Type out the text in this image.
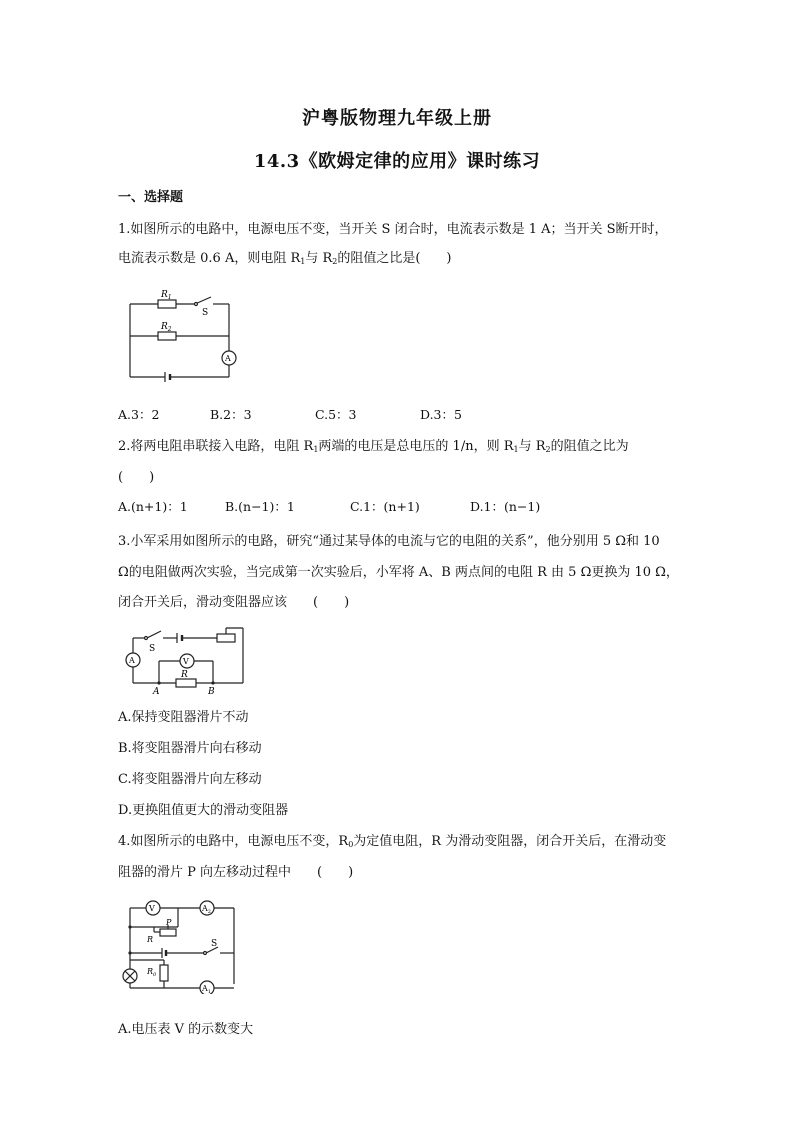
沪粤版物理九年级上册
14.3《欧姆定律的应用》课时练习
一、选择题
1.如图所示的电路中，电源电压不变，当开关 S 闭合时，电流表示数是 1 A；当开关 S断开时，
电流表示数是 0.6 A，则电阻 $R_1$与 $R_2$的阻值之比是(　　)
$R_1$
$R_2$
S
A
A.3：2	B.2：3	C.5：3	D.3：5
2.将两电阻串联接入电路，电阻 $R_1$两端的电压是总电压的 1/n，则 $R_1$与 $R_2$的阻值之比为
(　　)
A.(n+1)：1	B.(n−1)：1	C.1：(n+1)	D.1：(n−1)
3.小军采用如图所示的电路，研究“通过某导体的电流与它的电阻的关系”，他分别用 5 Ω和 10
Ω的电阻做两次实验，当完成第一次实验后，小军将 A、B 两点间的电阻 R 由 5 Ω更换为 10 Ω，
闭合开关后，滑动变阻器应该　　(　　)
S
A	V
R
A	B
A.保持变阻器滑片不动
B.将变阻器滑片向右移动
C.将变阻器滑片向左移动
D.更换阻值更大的滑动变阻器
4.如图所示的电路中，电源电压不变，$R_0$为定值电阻，R 为滑动变阻器，闭合开关后，在滑动变
阻器的滑片 P 向左移动过程中　　(　　)
V	$A_2$
P
R	S
$R_0$
$A_1$
A.电压表 V 的示数变大
